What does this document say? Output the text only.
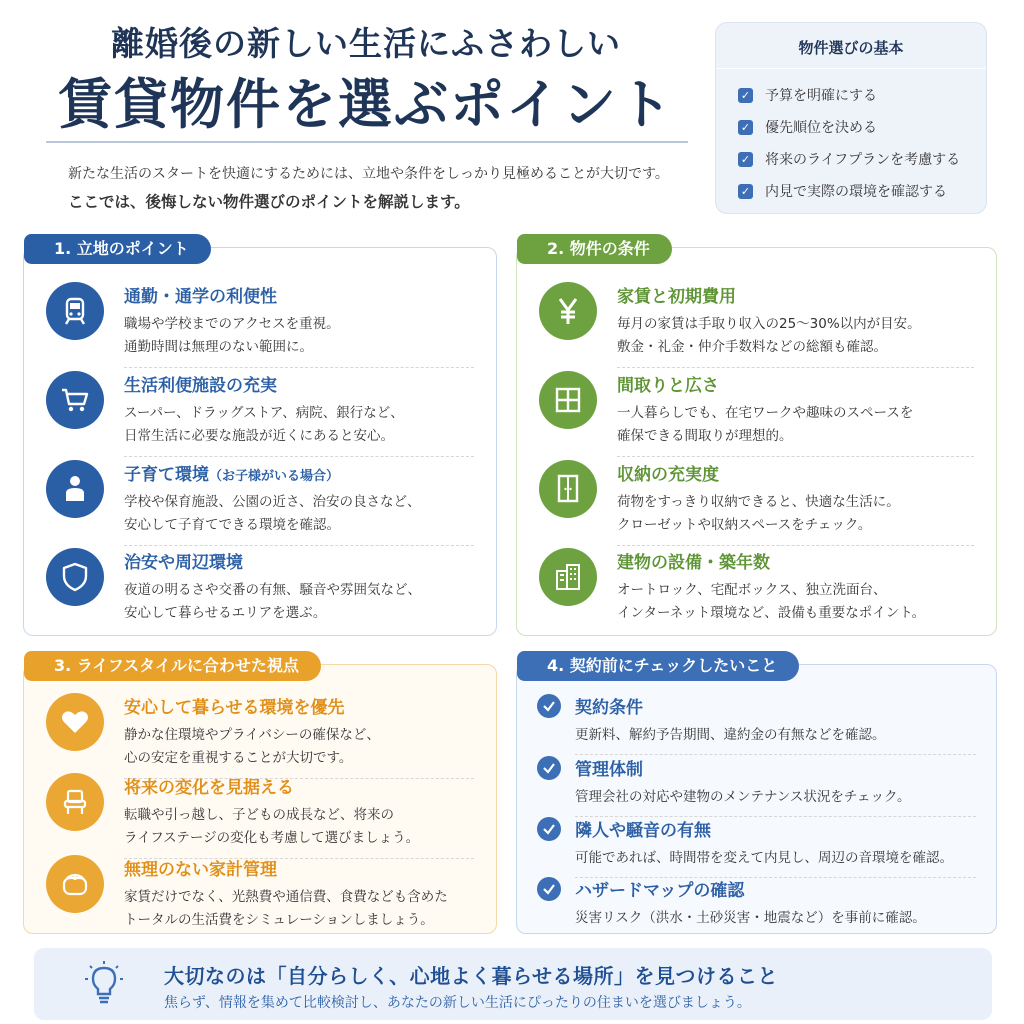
離婚後の新しい生活にふさわしい
賃貸物件を選ぶポイント

新たな生活のスタートを快適にするためには、立地や条件をしっかり見極めることが大切です。

ここでは、後悔しない物件選びのポイントを解説します。

物件選びの基本
✓ 予算を明確にする
✓ 優先順位を決める
✓ 将来のライフプランを考慮する
✓ 内見で実際の環境を確認する
1. 立地のポイント
通勤・通学の利便性

職場や学校までのアクセスを重視。

通勤時間は無理のない範囲に。

生活利便施設の充実

スーパー、ドラッグストア、病院、銀行など、

日常生活に必要な施設が近くにあると安心。

子育て環境（お子様がいる場合）

学校や保育施設、公園の近さ、治安の良さなど、

安心して子育てできる環境を確認。

治安や周辺環境

夜道の明るさや交番の有無、騒音や雰囲気など、

安心して暮らせるエリアを選ぶ。

2. 物件の条件
家賃と初期費用

毎月の家賃は手取り収入の25〜30%以内が目安。

敷金・礼金・仲介手数料などの総額も確認。

間取りと広さ

一人暮らしでも、在宅ワークや趣味のスペースを

確保できる間取りが理想的。

収納の充実度

荷物をすっきり収納できると、快適な生活に。

クローゼットや収納スペースをチェック。

建物の設備・築年数

オートロック、宅配ボックス、独立洗面台、

インターネット環境など、設備も重要なポイント。

3. ライフスタイルに合わせた視点
安心して暮らせる環境を優先

静かな住環境やプライバシーの確保など、

心の安定を重視することが大切です。

将来の変化を見据える

転職や引っ越し、子どもの成長など、将来の

ライフステージの変化も考慮して選びましょう。

無理のない家計管理

家賃だけでなく、光熱費や通信費、食費なども含めた

トータルの生活費をシミュレーションしましょう。

4. 契約前にチェックしたいこと
契約条件

更新料、解約予告期間、違約金の有無などを確認。

管理体制

管理会社の対応や建物のメンテナンス状況をチェック。

隣人や騒音の有無

可能であれば、時間帯を変えて内見し、周辺の音環境を確認。

ハザードマップの確認

災害リスク（洪水・土砂災害・地震など）を事前に確認。

大切なのは「自分らしく、心地よく暮らせる場所」を見つけること
焦らず、情報を集めて比較検討し、あなたの新しい生活にぴったりの住まいを選びましょう。
